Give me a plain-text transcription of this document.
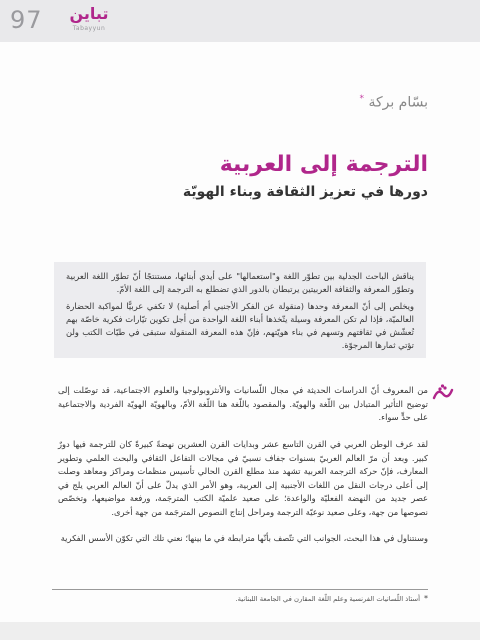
97	تباين
Tabayyun
بسّام بركة *
الترجمة إلى العربية
دورها في تعزيز الثقافة وبناء الهويّة

يناقش الباحث الجدلية بين تطوّر اللغة و"استعمالها" على أيدي أبنائها، مستنتجًا أنّ تطوّر اللغة العربية وتطوّر المعرفة والثقافة العربيتين يرتبطان بالدور الذي تضطلع به الترجمة إلى اللغة الأمّ.

ويخلص إلى أنّ المعرفة وحدها (منقولة عن الفكر الأجنبي أم أصلية) لا تكفي عربيًّا لمواكبة الحضارة العالميّة، فإذا لم تكن المعرفة وسيلة يتّخذها أبناء اللغة الواحدة من أجل تكوين تيّارات فكرية خاصّة بهم تُعشّش في ثقافتهم وتسهم في بناء هويّتهم، فإنّ هذه المعرفة المنقولة ستبقى في طيّات الكتب ولن تؤتي ثمارها المرجوّة.

من المعروف أنّ الدراسات الحديثة في مجال اللّسانيات والأنثروبولوجيا والعلوم الاجتماعية، قد توصّلت إلى توضيح التأثير المتبادل بين اللّغة والهويّة. والمقصود باللّغة هنا اللّغة الأمّ، وبالهويّة الهويّة الفردية والاجتماعية على حدٍّ سواء.

لقد عرف الوطن العربي في القرن التاسع عشر وبدايات القرن العشرين نهضةً كبيرةً كان للترجمة فيها دورٌ كبير. وبعد أن مرّ العالم العربيّ بسنوات جفاف نسبيّ في مجالات التفاعل الثقافي والبحث العلمي وتطوير المعارف، فإنّ حركة الترجمة العربية تشهد منذ مطلع القرن الحالي تأسيس منظمات ومراكز ومعاهد وصلت إلى أعلى درجات النقل من اللغات الأجنبية إلى العربية، وهو الأمر الذي يدلّ على أنّ العالم العربي يلج في عصر جديد من النهضة الفعليّة والواعدة؛ على صعيد علميّة الكتب المترجَمة، ورفعة مواضيعها، وتخصّص نصوصها من جهة، وعلى صعيد نوعيّة الترجمة ومراحل إنتاج النصوص المترجَمة من جهة أخرى.

وسنتناول في هذا البحث، الجوانب التي تتّصف بأنّها مترابطة في ما بينها؛ نعني تلك التي تكوّن الأسس الفكرية

*أستاذ اللّسانيات الفرنسية وعلم اللّغة المقارن في الجامعة اللبنانية.
